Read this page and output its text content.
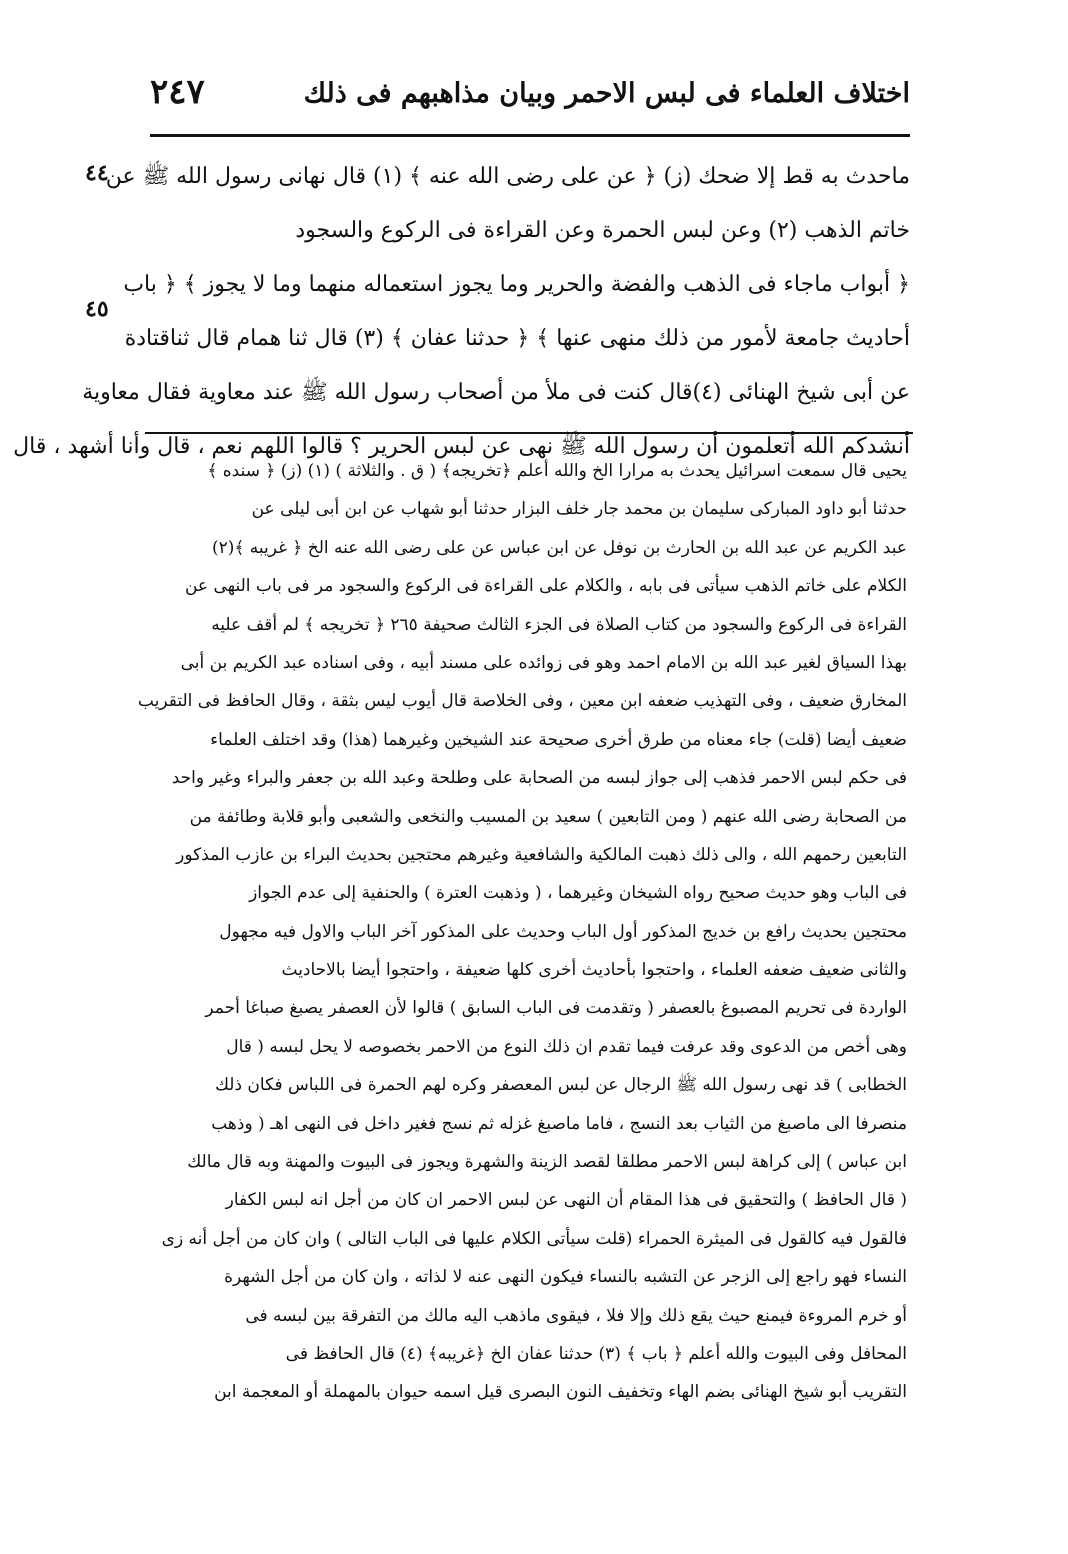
اختلاف العلماء فى لبس الاحمر وبيان مذاهبهم فى ذلك
٢٤٧
ماحدث به قط إلا ضحك (ز) ﴿ عن على رضى الله عنه ﴾ (١) قال نهانى رسول الله ﷺ عن
خاتم الذهب (٢) وعن لبس الحمرة وعن القراءة فى الركوع والسجود
﴿ أبواب ماجاء فى الذهب والفضة والحرير وما يجوز استعماله منهما وما لا يجوز ﴾ ﴿ باب
أحاديث جامعة لأمور من ذلك منهى عنها ﴾ ﴿ حدثنا عفان ﴾ (٣) قال ثنا همام قال ثناقتادة
عن أبى شيخ الهنائى (٤)قال كنت فى ملأ من أصحاب رسول الله ﷺ عند معاوية فقال معاوية
أنشدكم الله أتعلمون أن رسول الله ﷺ نهى عن لبس الحرير ؟ قالوا اللهم نعم ، قال وأنا أشهد ، قال
٤٤
٤٥
يحيى قال سمعت اسرائيل يحدث به مرارا الخ والله أعلم ﴿تخريجه﴾ ( ق . والثلاثة ) (١) (ز) ﴿ سنده ﴾
حدثنا أبو داود المباركى سليمان بن محمد جار خلف البزار حدثنا أبو شهاب عن ابن أبى ليلى عن
عبد الكريم عن عبد الله بن الحارث بن نوفل عن ابن عباس عن على رضى الله عنه الخ ﴿ غريبه ﴾(٢)
الكلام على خاتم الذهب سيأتى فى بابه ، والكلام على القراءة فى الركوع والسجود مر فى باب النهى عن
القراءة فى الركوع والسجود من كتاب الصلاة فى الجزء الثالث صحيفة ٢٦٥ ﴿ تخريجه ﴾ لم أقف عليه
بهذا السياق لغير عبد الله بن الامام احمد وهو فى زوائده على مسند أبيه ، وفى اسناده عبد الكريم بن أبى
المخارق ضعيف ، وفى التهذيب ضعفه ابن معين ، وفى الخلاصة قال أيوب ليس بثقة ، وقال الحافظ فى التقريب
ضعيف أيضا (قلت) جاء معناه من طرق أخرى صحيحة عند الشيخين وغيرهما (هذا) وقد اختلف العلماء
فى حكم لبس الاحمر فذهب إلى جواز لبسه من الصحابة على وطلحة وعبد الله بن جعفر والبراء وغير واحد
من الصحابة رضى الله عنهم ( ومن التابعين ) سعيد بن المسيب والنخعى والشعبى وأبو قلابة وطائفة من
التابعين رحمهم الله ، والى ذلك ذهبت المالكية والشافعية وغيرهم محتجين بحديث البراء بن عازب المذكور
فى الباب وهو حديث صحيح رواه الشيخان وغيرهما ، ( وذهبت العترة ) والحنفية إلى عدم الجواز
محتجين بحديث رافع بن خديج المذكور أول الباب وحديث على المذكور آخر الباب والاول فيه مجهول
والثانى ضعيف ضعفه العلماء ، واحتجوا بأحاديث أخرى كلها ضعيفة ، واحتجوا أيضا بالاحاديث
الواردة فى تحريم المصبوغ بالعصفر ( وتقدمت فى الباب السابق ) قالوا لأن العصفر يصبغ صباغا أحمر
وهى أخص من الدعوى وقد عرفت فيما تقدم ان ذلك النوع من الاحمر بخصوصه لا يحل لبسه ( قال
الخطابى ) قد نهى رسول الله ﷺ الرجال عن لبس المعصفر وكره لهم الحمرة فى اللباس فكان ذلك
منصرفا الى ماصبغ من الثياب بعد النسج ، فاما ماصبغ غزله ثم نسج فغير داخل فى النهى اهـ ( وذهب
ابن عباس ) إلى كراهة لبس الاحمر مطلقا لقصد الزينة والشهرة ويجوز فى البيوت والمهنة وبه قال مالك
( قال الحافظ ) والتحقيق فى هذا المقام أن النهى عن لبس الاحمر ان كان من أجل انه لبس الكفار
فالقول فيه كالقول فى الميثرة الحمراء (قلت سيأتى الكلام عليها فى الباب التالى ) وان كان من أجل أنه زى
النساء فهو راجع إلى الزجر عن التشبه بالنساء فيكون النهى عنه لا لذاته ، وان كان من أجل الشهرة
أو خرم المروءة فيمنع حيث يقع ذلك وإلا فلا ، فيقوى ماذهب اليه مالك من التفرقة بين لبسه فى
المحافل وفى البيوت والله أعلم ﴿ باب ﴾ (٣) حدثنا عفان الخ ﴿غريبه﴾ (٤) قال الحافظ فى
التقريب أبو شيخ الهنائى بضم الهاء وتخفيف النون البصرى قيل اسمه حيوان بالمهملة أو المعجمة ابن
